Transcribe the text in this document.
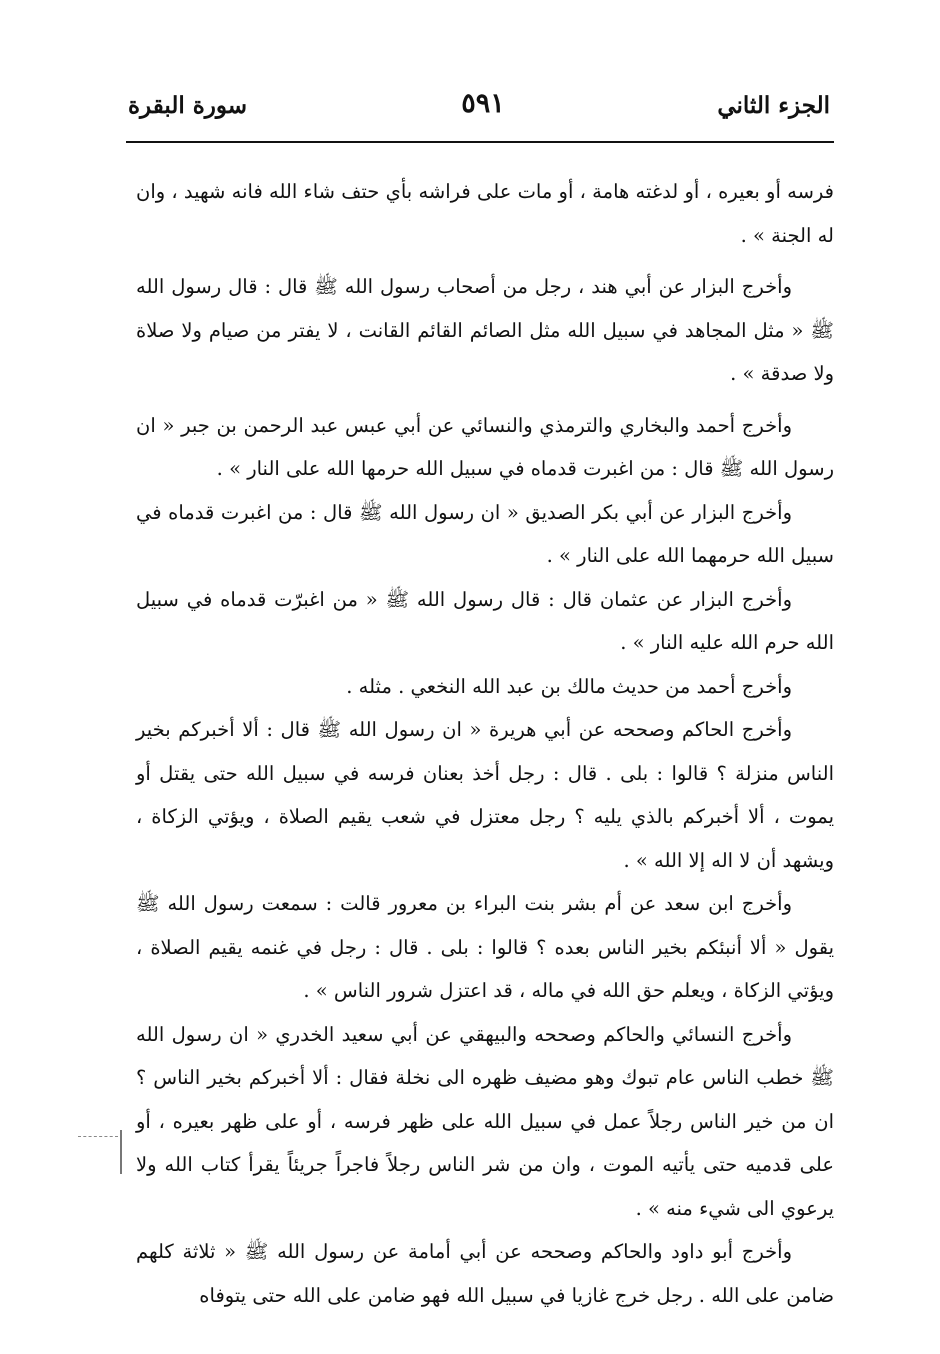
الجزء الثاني
٥٩١
سورة البقرة

فرسه أو بعيره ، أو لدغته هامة ، أو مات على فراشه بأي حتف شاء الله فانه شهيد ، وان له الجنة » .

وأخرج البزار عن أبي هند ، رجل من أصحاب رسول الله ﷺ قال : قال رسول الله ﷺ « مثل المجاهد في سبيل الله مثل الصائم القائم القانت ، لا يفتر من صيام ولا صلاة ولا صدقة » .

وأخرج أحمد والبخاري والترمذي والنسائي عن أبي عبس عبد الرحمن بن جبر « ان رسول الله ﷺ قال : من اغبرت قدماه في سبيل الله حرمها الله على النار » .

وأخرج البزار عن أبي بكر الصديق « ان رسول الله ﷺ قال : من اغبرت قدماه في سبيل الله حرمهما الله على النار » .

وأخرج البزار عن عثمان قال : قال رسول الله ﷺ « من اغبرّت قدماه في سبيل الله حرم الله عليه النار » .

وأخرج أحمد من حديث مالك بن عبد الله النخعي . مثله .

وأخرج الحاكم وصححه عن أبي هريرة « ان رسول الله ﷺ قال : ألا أخبركم بخير الناس منزلة ؟ قالوا : بلى . قال : رجل أخذ بعنان فرسه في سبيل الله حتى يقتل أو يموت ، ألا أخبركم بالذي يليه ؟ رجل معتزل في شعب يقيم الصلاة ، ويؤتي الزكاة ، ويشهد أن لا اله إلا الله » .

وأخرج ابن سعد عن أم بشر بنت البراء بن معرور قالت : سمعت رسول الله ﷺ يقول « ألا أنبئكم بخير الناس بعده ؟ قالوا : بلى . قال : رجل في غنمه يقيم الصلاة ، ويؤتي الزكاة ، ويعلم حق الله في ماله ، قد اعتزل شرور الناس » .

وأخرج النسائي والحاكم وصححه والبيهقي عن أبي سعيد الخدري « ان رسول الله ﷺ خطب الناس عام تبوك وهو مضيف ظهره الى نخلة فقال : ألا أخبركم بخير الناس ؟ ان من خير الناس رجلاً عمل في سبيل الله على ظهر فرسه ، أو على ظهر بعيره ، أو على قدميه حتى يأتيه الموت ، وان من شر الناس رجلاً فاجراً جريئاً يقرأ كتاب الله ولا يرعوي الى شيء منه » .

وأخرج أبو داود والحاكم وصححه عن أبي أمامة عن رسول الله ﷺ « ثلاثة كلهم ضامن على الله . رجل خرج غازيا في سبيل الله فهو ضامن على الله حتى يتوفاه
